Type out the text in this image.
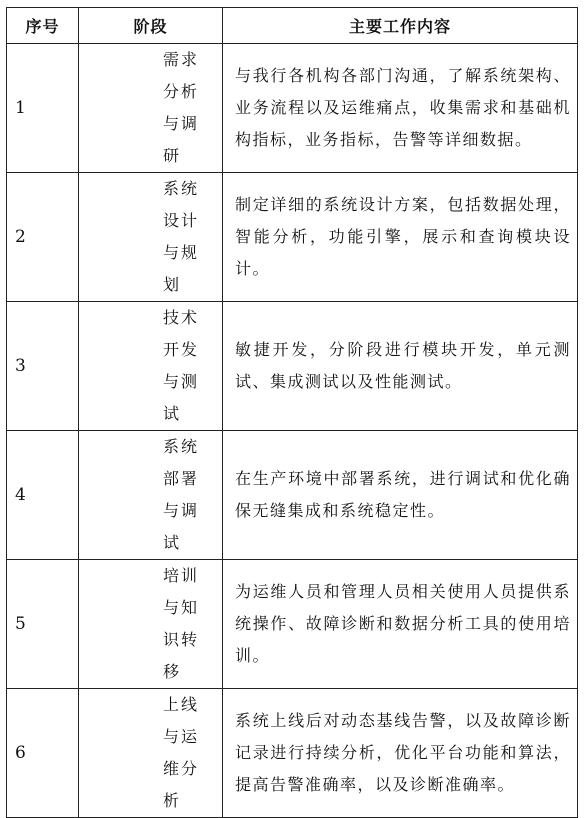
序号	阶段	主要工作内容
1	需求分析与调研	与我行各机构各部门沟通，了解系统架构、业务流程以及运维痛点，收集需求和基础机构指标，业务指标，告警等详细数据。
2	系统设计与规划	制定详细的系统设计方案，包括数据处理，智能分析，功能引擎，展示和查询模块设计。
3	技术开发与测试	敏捷开发，分阶段进行模块开发，单元测试、集成测试以及性能测试。
4	系统部署与调试	在生产环境中部署系统，进行调试和优化确保无缝集成和系统稳定性。
5	培训与知识转移	为运维人员和管理人员相关使用人员提供系统操作、故障诊断和数据分析工具的使用培训。
6	上线与运维分析	系统上线后对动态基线告警，以及故障诊断记录进行持续分析，优化平台功能和算法，提高告警准确率，以及诊断准确率。
